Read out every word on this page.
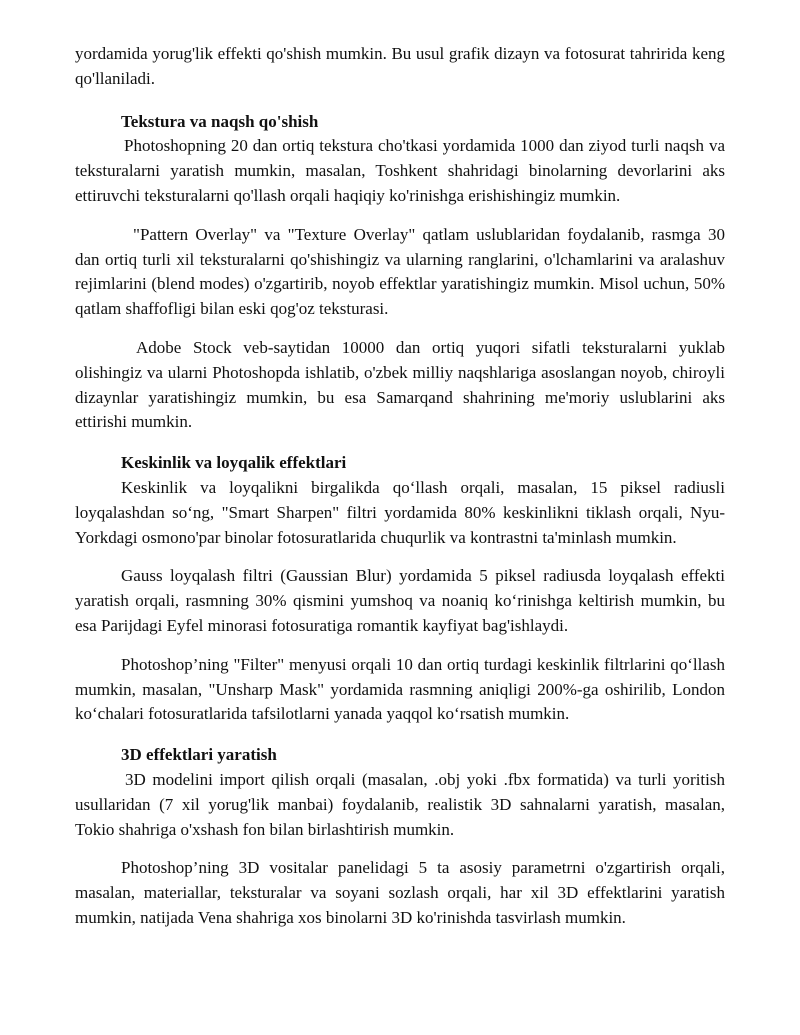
yordamida yorug'lik effekti qo'shish mumkin. Bu usul grafik dizayn va fotosurat tahririda keng qo'llaniladi.

Tekstura va naqsh qo'shish

Photoshopning 20 dan ortiq tekstura cho'tkasi yordamida 1000 dan ziyod turli naqsh va teksturalarni yaratish mumkin, masalan, Toshkent shahridagi binolarning devorlarini aks ettiruvchi teksturalarni qo'llash orqali haqiqiy ko'rinishga erishishingiz mumkin.

"Pattern Overlay" va "Texture Overlay" qatlam uslublaridan foydalanib, rasmga 30 dan ortiq turli xil teksturalarni qo'shishingiz va ularning ranglarini, o'lchamlarini va aralashuv rejimlarini (blend modes) o'zgartirib, noyob effektlar yaratishingiz mumkin. Misol uchun, 50% qatlam shaffofligi bilan eski qog'oz teksturasi.

Adobe Stock veb-saytidan 10000 dan ortiq yuqori sifatli teksturalarni yuklab olishingiz va ularni Photoshopda ishlatib, o'zbek milliy naqshlariga asoslangan noyob, chiroyli dizaynlar yaratishingiz mumkin, bu esa Samarqand shahrining me'moriy uslublarini aks ettirishi mumkin.

Keskinlik va loyqalik effektlari

Keskinlik va loyqalikni birgalikda qo‘llash orqali, masalan, 15 piksel radiusli loyqalashdan so‘ng, "Smart Sharpen" filtri yordamida 80% keskinlikni tiklash orqali, Nyu-Yorkdagi osmono'par binolar fotosuratlarida chuqurlik va kontrastni ta'minlash mumkin.

Gauss loyqalash filtri (Gaussian Blur) yordamida 5 piksel radiusda loyqalash effekti yaratish orqali, rasmning 30% qismini yumshoq va noaniq ko‘rinishga keltirish mumkin, bu esa Parijdagi Eyfel minorasi fotosuratiga romantik kayfiyat bag'ishlaydi.

Photoshop’ning "Filter" menyusi orqali 10 dan ortiq turdagi keskinlik filtrlarini qo‘llash mumkin, masalan, "Unsharp Mask" yordamida rasmning aniqligi 200%-ga oshirilib, London ko‘chalari fotosuratlarida tafsilotlarni yanada yaqqol ko‘rsatish mumkin.

3D effektlari yaratish

3D modelini import qilish orqali (masalan, .obj yoki .fbx formatida) va turli yoritish usullaridan (7 xil yorug'lik manbai) foydalanib, realistik 3D sahnalarni yaratish, masalan, Tokio shahriga o'xshash fon bilan birlashtirish mumkin.

Photoshop’ning 3D vositalar panelidagi 5 ta asosiy parametrni o'zgartirish orqali, masalan, materiallar, teksturalar va soyani sozlash orqali, har xil 3D effektlarini yaratish mumkin, natijada Vena shahriga xos binolarni 3D ko'rinishda tasvirlash mumkin.
